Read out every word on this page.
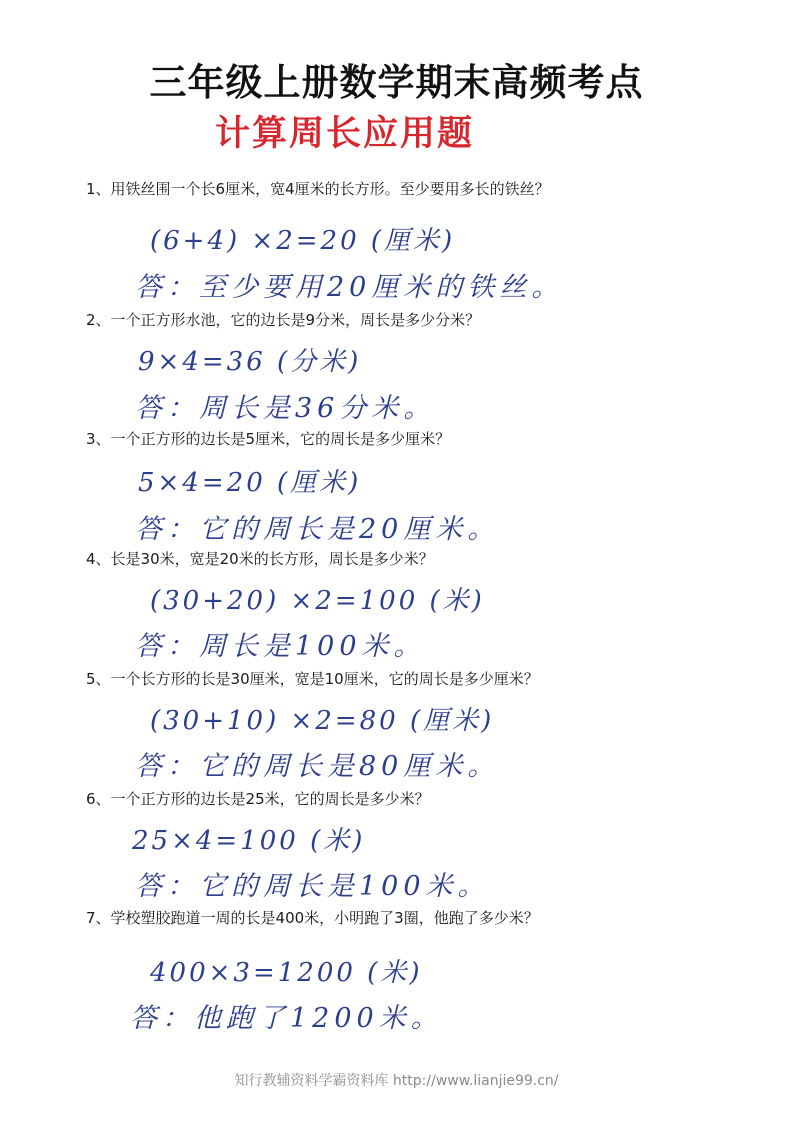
三年级上册数学期末高频考点
计算周长应用题
1、用铁丝围一个长6厘米，宽4厘米的长方形。至少要用多长的铁丝？
(6+4) ×2=20 (厘米)
答：至少要用20厘米的铁丝。
2、一个正方形水池，它的边长是9分米，周长是多少分米？
9×4=36 (分米)
答：周长是36分米。
3、一个正方形的边长是5厘米，它的周长是多少厘米？
5×4=20 (厘米)
答：它的周长是20厘米。
4、长是30米，宽是20米的长方形，周长是多少米？
(30+20) ×2=100 (米)
答：周长是100米。
5、一个长方形的长是30厘米，宽是10厘米，它的周长是多少厘米？
(30+10) ×2=80 (厘米)
答：它的周长是80厘米。
6、一个正方形的边长是25米，它的周长是多少米？
25×4=100 (米)
答：它的周长是100米。
7、学校塑胶跑道一周的长是400米，小明跑了3圈，他跑了多少米？
400×3=1200 (米)
答：他跑了1200米。
知行教辅资料学霸资料库 http://www.lianjie99.cn/
